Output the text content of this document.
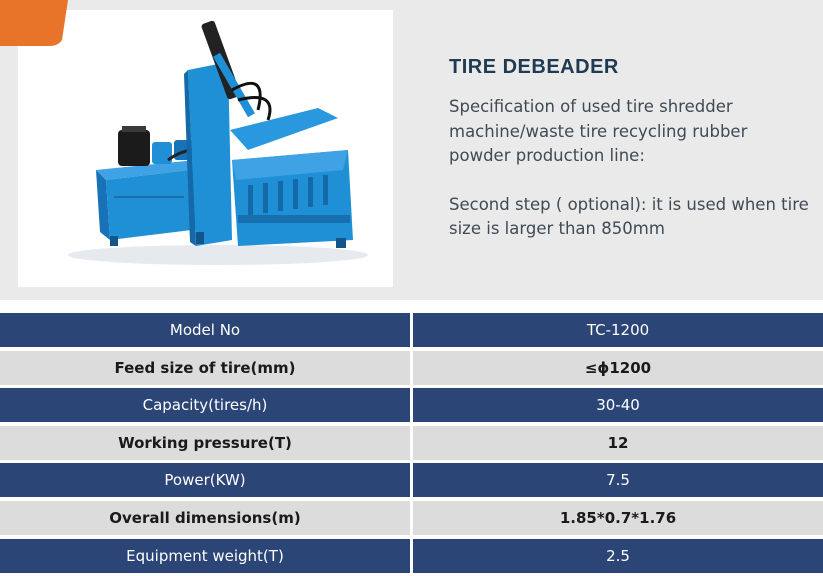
TIRE DEBEADER

Specification of used tire shredder machine/waste tire recycling rubber powder production line:

Second step ( optional): it is used when tire size is larger than 850mm

Model No	TC-1200
Feed size of tire(mm)	≤ϕ1200
Capacity(tires/h)	30-40
Working pressure(T)	12
Power(KW)	7.5
Overall dimensions(m)	1.85*0.7*1.76
Equipment weight(T)	2.5
